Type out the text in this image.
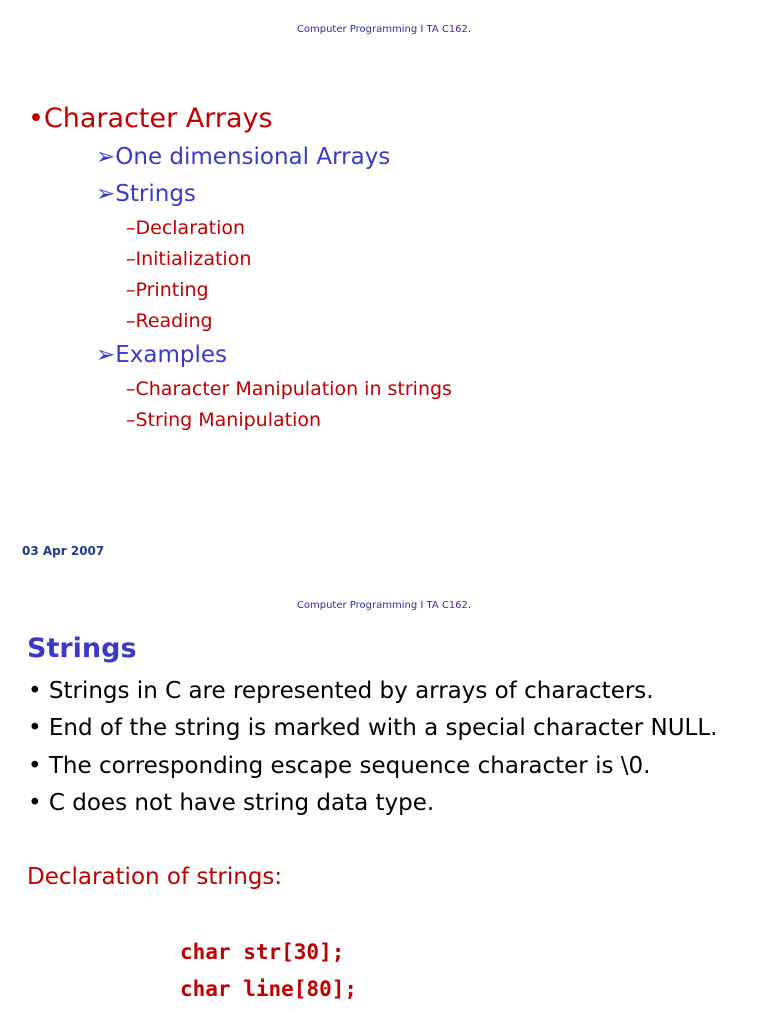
Computer Programming I TA C162.
•Character Arrays
➢One dimensional Arrays
➢Strings
–Declaration
–Initialization
–Printing
–Reading
➢Examples
–Character Manipulation in strings
–String Manipulation
03 Apr 2007
Computer Programming I TA C162.
Strings
• Strings in C are represented by arrays of characters.
• End of the string is marked with a special character NULL.
• The corresponding escape sequence character is \0.
• C does not have string data type.
Declaration of strings:
char str[30];
char line[80];
